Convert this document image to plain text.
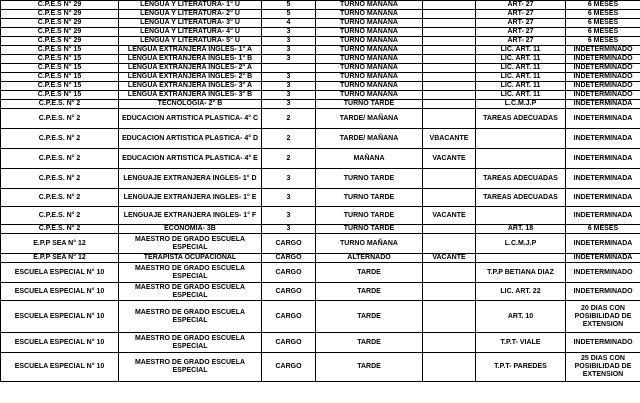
C.P.E.S N° 29	LENGUA Y LITERATURA- 1° U	5	TURNO MAÑANA		ART- 27	6 MESES
C.P.E.S N° 29	LENGUA Y LITERATURA- 2° U	5	TURNO MAÑANA		ART- 27	6 MESES
C.P.E.S N° 29	LENGUA Y LITERATURA- 3° U	4	TURNO MAÑANA		ART- 27	6 MESES
C.P.E.S N° 29	LENGUA Y LITERATURA- 4° U	3	TURNO MAÑANA		ART- 27	6 MESES
C.P.E.S N° 29	LENGUA Y LITERATURA- 5° U	3	TURNO MAÑANA		ART- 27	6 MESES
C.P.E.S N° 15	LENGUA EXTRANJERA INGLES- 1° A	3	TURNO MAÑANA		LIC. ART. 11	INDETERMINADO
C.P.E.S N° 15	LENGUA EXTRANJERA INGLES- 1° B	3	TURNO MAÑANA		LIC. ART. 11	INDETERMINADO
C.P.E.S N° 15	LENGUA EXTRANJERA INGLES- 2° A		TURNO MAÑANA		LIC. ART. 11	INDETERMINADO
C.P.E.S N° 15	LENGUA EXTRANJERA INGLES- 2° B	3	TURNO MAÑANA		LIC. ART. 11	INDETERMINADO
C.P.E.S N° 15	LENGUA EXTRANJERA INGLES- 3° A	3	TURNO MAÑANA		LIC. ART. 11	INDETERMINADO
C.P.E.S N° 15	LENGUA EXTRANJERA INGLES- 3° B	3	TURNO MAÑANA		LIC. ART. 11	INDETERMINADO
C.P.E.S. N° 2	TECNOLOGIA- 2° B	3	TURNO TARDE		L.C.M.J.P	INDETERMINADA
C.P.E.S. N° 2	EDUCACION ARTISTICA PLASTICA- 4° C	2	TARDE/ MAÑANA		TAREAS ADECUADAS	INDETERMINADA
C.P.E.S. N° 2	EDUCACION ARTISTICA PLASTICA- 4° D	2	TARDE/ MAÑANA	VBACANTE		INDETERMINADA
C.P.E.S. N° 2	EDUCACION ARTISTICA PLASTICA- 4° E	2	MAÑANA	VACANTE		INDETERMINADA
C.P.E.S. N° 2	LENGUAJE EXTRANJERA INGLES- 1° D	3	TURNO TARDE		TAREAS ADECUADAS	INDETERMINADA
C.P.E.S. N° 2	LENGUAJE EXTRANJERA INGLES- 1° E	3	TURNO TARDE		TAREAS ADECUADAS	INDETERMINADA
C.P.E.S. N° 2	LENGUAJE EXTRANJERA INGLES- 1° F	3	TURNO TARDE	VACANTE		INDETERMINADA
C.P.E.S. N° 2	ECONOMIA- 3B	3	TURNO TARDE		ART. 18	6 MESES
E.P.P SEA N° 12	MAESTRO DE GRADO ESCUELA ESPECIAL	CARGO	TURNO MAÑANA		L.C.M.J.P	INDETERMINADA
E.P.P SEA N° 12	TERAPISTA OCUPACIONAL	CARGO	ALTERNADO	VACANTE		INDETERMINADA
ESCUELA ESPECIAL N° 10	MAESTRO DE GRADO ESCUELA ESPECIAL	CARGO	TARDE		T.P.P BETIANA DIAZ	INDETERMINADO
ESCUELA ESPECIAL N° 10	MAESTRO DE GRADO ESCUELA ESPECIAL	CARGO	TARDE		LIC. ART. 22	INDETERMINADO
ESCUELA ESPECIAL N° 10	MAESTRO DE GRADO ESCUELA ESPECIAL	CARGO	TARDE		ART. 10	20 DIAS CON POSIBILIDAD DE EXTENSION
ESCUELA ESPECIAL N° 10	MAESTRO DE GRADO ESCUELA ESPECIAL	CARGO	TARDE		T.P.T- VIALE	INDETERMINADO
ESCUELA ESPECIAL N° 10	MAESTRO DE GRADO ESCUELA ESPECIAL	CARGO	TARDE		T.P.T- PAREDES	25 DIAS CON POSIBILIDAD DE EXTENSION
